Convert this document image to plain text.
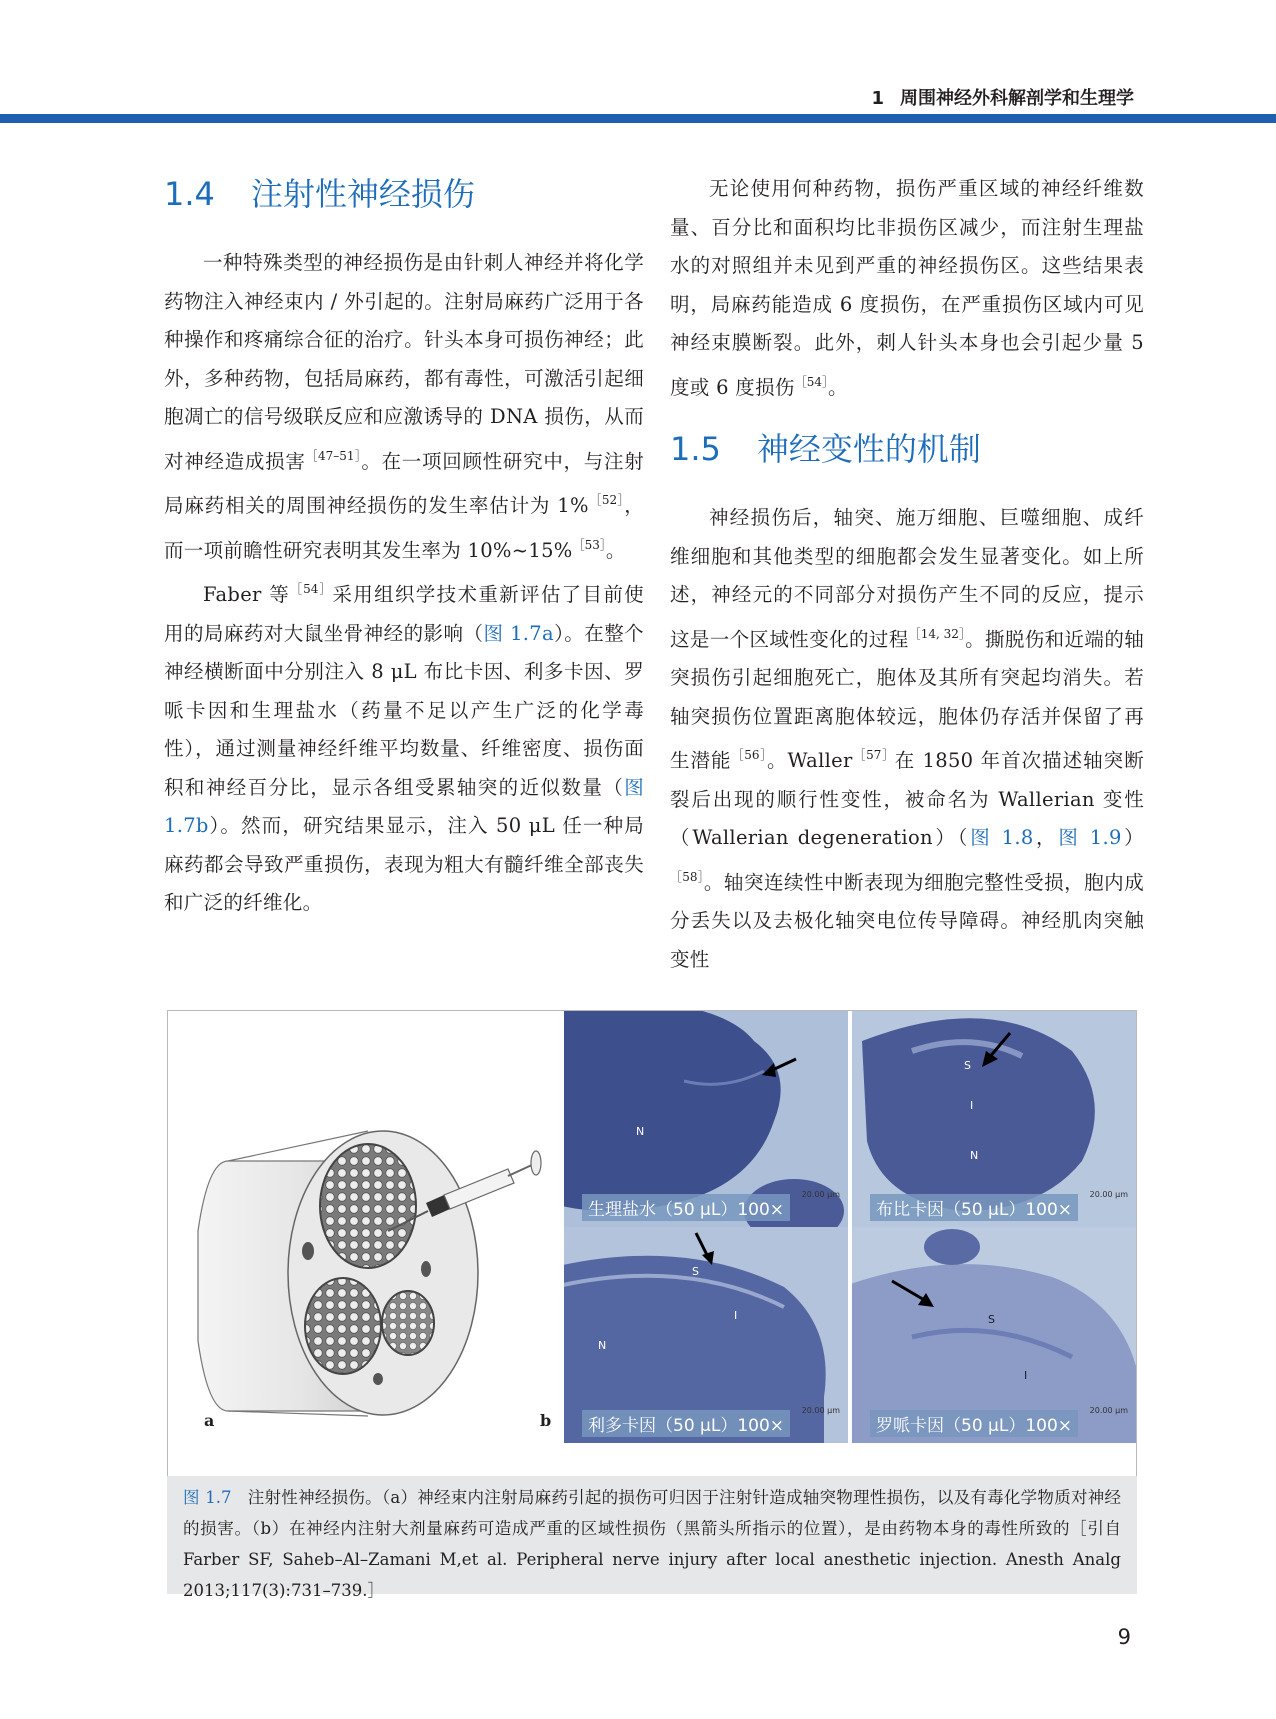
1 周围神经外科解剖学和生理学
1.4 注射性神经损伤

一种特殊类型的神经损伤是由针刺人神经并将化学药物注入神经束内 / 外引起的。注射局麻药广泛用于各种操作和疼痛综合征的治疗。针头本身可损伤神经；此外，多种药物，包括局麻药，都有毒性，可激活引起细胞凋亡的信号级联反应和应激诱导的 DNA 损伤，从而对神经造成损害$^{[47-51]}$。在一项回顾性研究中，与注射局麻药相关的周围神经损伤的发生率估计为 1%$^{[52]}$，而一项前瞻性研究表明其发生率为 10%~15%$^{[53]}$。

Faber 等$^{[54]}$采用组织学技术重新评估了目前使用的局麻药对大鼠坐骨神经的影响（图 1.7a）。在整个神经横断面中分别注入 8 μL 布比卡因、利多卡因、罗哌卡因和生理盐水（药量不足以产生广泛的化学毒性），通过测量神经纤维平均数量、纤维密度、损伤面积和神经百分比，显示各组受累轴突的近似数量（图 1.7b）。然而，研究结果显示，注入 50 μL 任一种局麻药都会导致严重损伤，表现为粗大有髓纤维全部丧失和广泛的纤维化。

无论使用何种药物，损伤严重区域的神经纤维数量、百分比和面积均比非损伤区减少，而注射生理盐水的对照组并未见到严重的神经损伤区。这些结果表明，局麻药能造成 6 度损伤，在严重损伤区域内可见神经束膜断裂。此外，刺人针头本身也会引起少量 5 度或 6 度损伤$^{[54]}$。

1.5 神经变性的机制

神经损伤后，轴突、施万细胞、巨噬细胞、成纤维细胞和其他类型的细胞都会发生显著变化。如上所述，神经元的不同部分对损伤产生不同的反应，提示这是一个区域性变化的过程$^{[14, 32]}$。撕脱伤和近端的轴突损伤引起细胞死亡，胞体及其所有突起均消失。若轴突损伤位置距离胞体较远，胞体仍存活并保留了再生潜能$^{[56]}$。Waller$^{[57]}$在 1850 年首次描述轴突断裂后出现的顺行性变性，被命名为 Wallerian 变性（Wallerian degeneration）（图 1.8，图 1.9）$^{[58]}$。轴突连续性中断表现为细胞完整性受损，胞内成分丢失以及去极化轴突电位传导障碍。神经肌肉突触变性

a	b
N
20.00 µm
生理盐水（50 μL）100×
S
I
N
20.00 µm
布比卡因（50 μL）100×
S
I
N
20.00 µm
利多卡因（50 μL）100×
S
I
20.00 µm
罗哌卡因（50 μL）100×
图 1.7 注射性神经损伤。（a）神经束内注射局麻药引起的损伤可归因于注射针造成轴突物理性损伤，以及有毒化学物质对神经的损害。（b）在神经内注射大剂量麻药可造成严重的区域性损伤（黑箭头所指示的位置），是由药物本身的毒性所致的［引自 Farber SF, Saheb–Al–Zamani M,et al. Peripheral nerve injury after local anesthetic injection. Anesth Analg 2013;117(3):731–739.］
9
